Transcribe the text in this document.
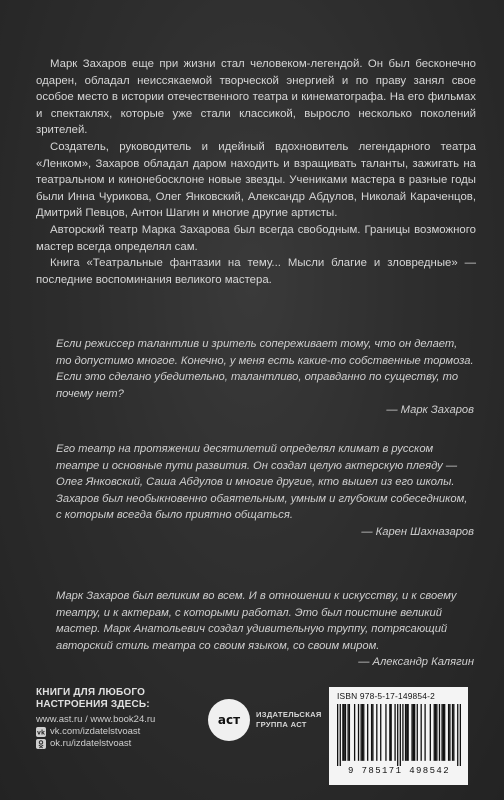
Марк Захаров еще при жизни стал человеком-легендой. Он был бесконечно одарен, обладал неиссякаемой творческой энергией и по праву занял свое особое место в истории отечественного театра и кинематографа. На его фильмах и спектаклях, которые уже стали классикой, выросло несколько поколений зрителей.

Создатель, руководитель и идейный вдохновитель легендарного театра «Ленком», Захаров обладал даром находить и взращивать таланты, зажигать на театральном и кинонебосклоне новые звезды. Учениками мастера в разные годы были Инна Чурикова, Олег Янковский, Александр Абдулов, Николай Караченцов, Дмитрий Певцов, Антон Шагин и многие другие артисты.

Авторский театр Марка Захарова был всегда свободным. Границы возможного мастер всегда определял сам.

Книга «Театральные фантазии на тему... Мысли благие и зловредные» — последние воспоминания великого мастера.

Если режиссер талантлив и зритель сопереживает тому, что он делает, то допустимо многое. Конечно, у меня есть какие-то собственные тормоза. Если это сделано убедительно, талантливо, оправданно по существу, то почему нет?

— Марк Захаров

Его театр на протяжении десятилетий определял климат в русском театре и основные пути развития. Он создал целую актерскую плеяду — Олег Янковский, Саша Абдулов и многие другие, кто вышел из его школы. Захаров был необыкновенно обаятельным, умным и глубоким собеседником, с которым всегда было приятно общаться.

— Карен Шахназаров

Марк Захаров был великим во всем. И в отношении к искусству, и к своему театру, и к актерам, с которыми работал. Это был поистине великий мастер. Марк Анатольевич создал удивительную труппу, потрясающий авторский стиль театра со своим языком, со своим миром.

— Александр Калягин
КНИГИ ДЛЯ ЛЮБОГО
НАСТРОЕНИЯ ЗДЕСЬ:
www.ast.ru / www.book24.ru
vk vk.com/izdatelstvoast
ok.ru/izdatelstvoast
аст ИЗДАТЕЛЬСКАЯ
ГРУППА АСТ
ISBN 978-5-17-149854-2
9 785171 498542
